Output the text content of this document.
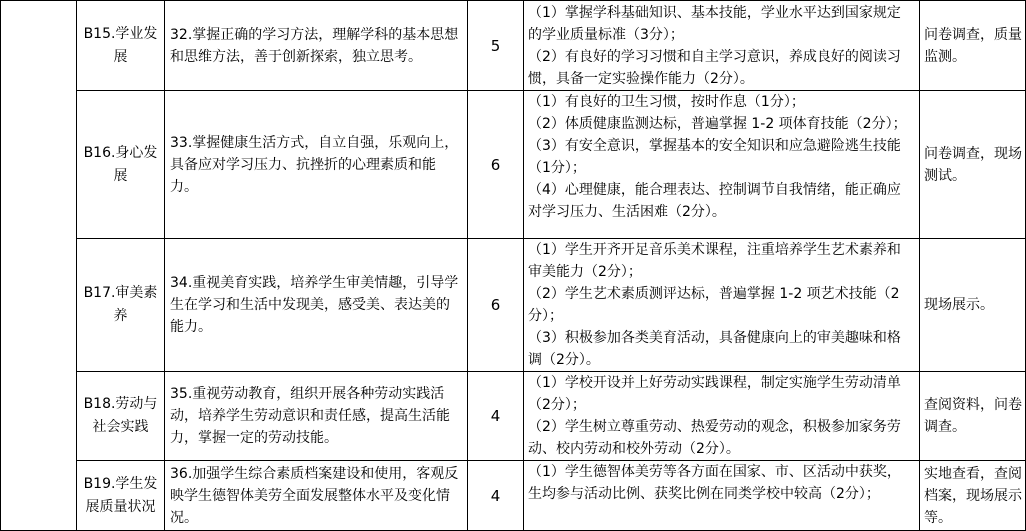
	B15.学业发展	32.掌握正确的学习方法，理解学科的基本思想和思维方法，善于创新探索，独立思考。	5	（1）掌握学科基础知识、基本技能，学业水平达到国家规定的学业质量标准（3分）；
（2）有良好的学习习惯和自主学习意识，养成良好的阅读习惯，具备一定实验操作能力（2分）。	问卷调查，质量监测。
	B16.身心发展	33.掌握健康生活方式，自立自强，乐观向上，具备应对学习压力、抗挫折的心理素质和能力。	6	（1）有良好的卫生习惯，按时作息（1分）；
（2）体质健康监测达标，普遍掌握 1-2 项体育技能（2分）；
（3）有安全意识，掌握基本的安全知识和应急避险逃生技能（1分）；
（4）心理健康，能合理表达、控制调节自我情绪，能正确应对学习压力、生活困难（2分）。	问卷调查，现场测试。
	B17.审美素养	34.重视美育实践，培养学生审美情趣，引导学生在学习和生活中发现美，感受美、表达美的能力。	6	（1）学生开齐开足音乐美术课程，注重培养学生艺术素养和审美能力（2分）；
（2）学生艺术素质测评达标，普遍掌握 1-2 项艺术技能（2分）；
（3）积极参加各类美育活动，具备健康向上的审美趣味和格调（2分）。	现场展示。
	B18.劳动与社会实践	35.重视劳动教育，组织开展各种劳动实践活动，培养学生劳动意识和责任感，提高生活能力，掌握一定的劳动技能。	4	（1）学校开设并上好劳动实践课程，制定实施学生劳动清单（2分）；
（2）学生树立尊重劳动、热爱劳动的观念，积极参加家务劳动、校内劳动和校外劳动（2分）。	查阅资料，问卷调查。
	B19.学生发展质量状况	36.加强学生综合素质档案建设和使用，客观反映学生德智体美劳全面发展整体水平及变化情况。	4	（1）学生德智体美劳等各方面在国家、市、区活动中获奖，生均参与活动比例、获奖比例在同类学校中较高（2分）；	实地查看，查阅档案，现场展示等。
